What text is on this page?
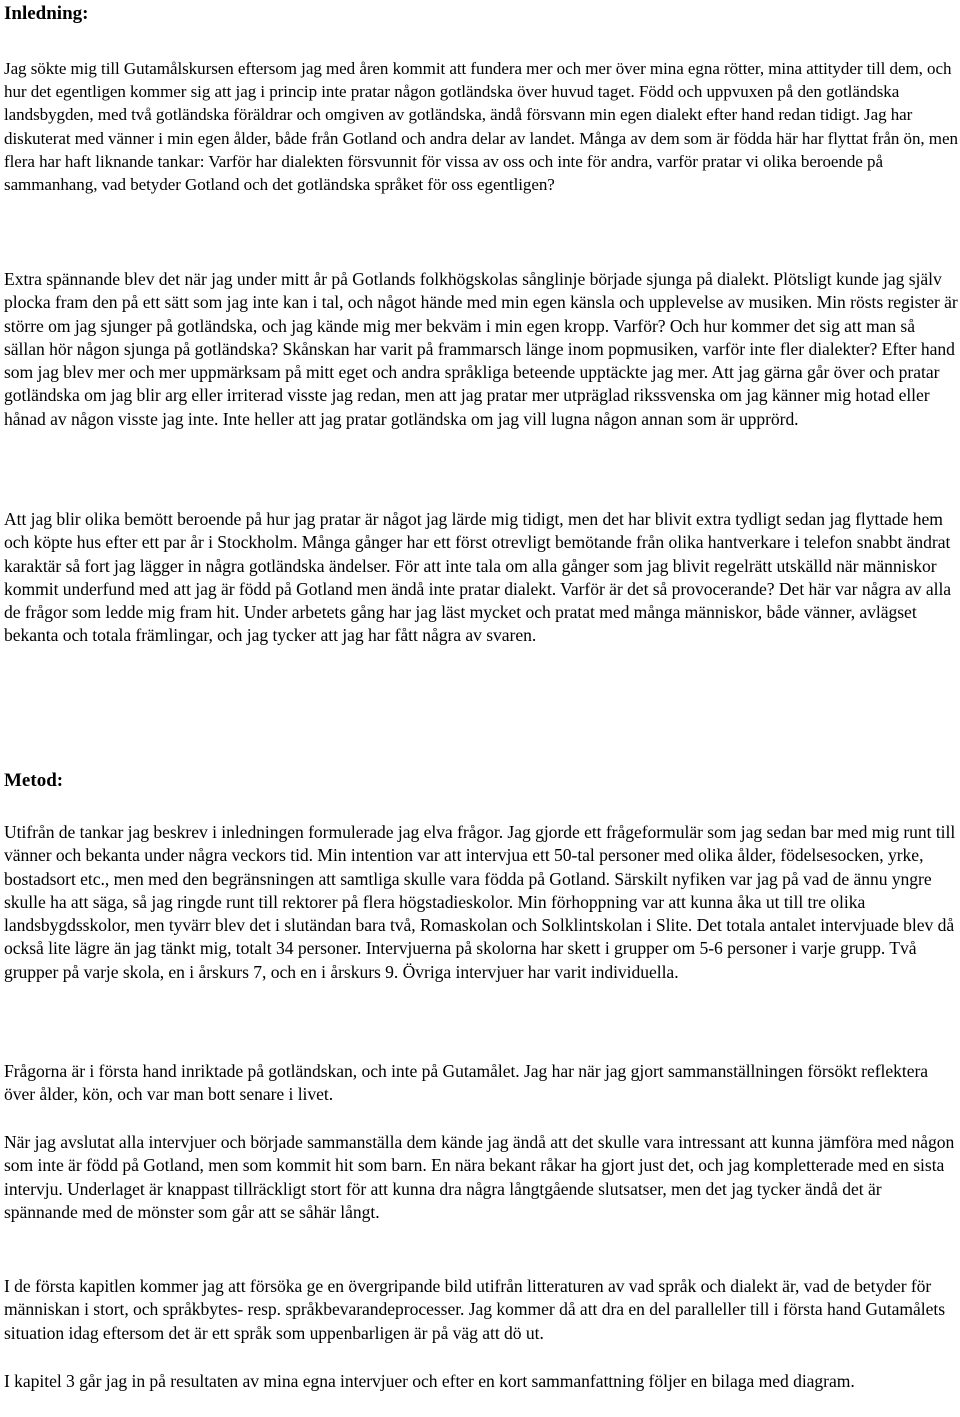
Inledning:

Jag sökte mig till Gutamålskursen eftersom jag med åren kommit att fundera mer och mer över mina egna rötter, mina attityder till dem, och hur det egentligen kommer sig att jag i princip inte pratar någon gotländska över huvud taget. Född och uppvuxen på den gotländska landsbygden, med två gotländska föräldrar och omgiven av gotländska, ändå försvann min egen dialekt efter hand redan tidigt. Jag har diskuterat med vänner i min egen ålder, både från Gotland och andra delar av landet. Många av dem som är födda här har flyttat från ön, men flera har haft liknande tankar: Varför har dialekten försvunnit för vissa av oss och inte för andra, varför pratar vi olika beroende på sammanhang, vad betyder Gotland och det gotländska språket för oss egentligen?

Extra spännande blev det när jag under mitt år på Gotlands folkhögskolas sånglinje började sjunga på dialekt. Plötsligt kunde jag själv plocka fram den på ett sätt som jag inte kan i tal, och något hände med min egen känsla och upplevelse av musiken. Min rösts register är större om jag sjunger på gotländska, och jag kände mig mer bekväm i min egen kropp. Varför? Och hur kommer det sig att man så sällan hör någon sjunga på gotländska? Skånskan har varit på frammarsch länge inom popmusiken, varför inte fler dialekter? Efter hand som jag blev mer och mer uppmärksam på mitt eget och andra språkliga beteende upptäckte jag mer. Att jag gärna går över och pratar gotländska om jag blir arg eller irriterad visste jag redan, men att jag pratar mer utpräglad rikssvenska om jag känner mig hotad eller hånad av någon visste jag inte. Inte heller att jag pratar gotländska om jag vill lugna någon annan som är upprörd.

Att jag blir olika bemött beroende på hur jag pratar är något jag lärde mig tidigt, men det har blivit extra tydligt sedan jag flyttade hem och köpte hus efter ett par år i Stockholm. Många gånger har ett först otrevligt bemötande från olika hantverkare i telefon snabbt ändrat karaktär så fort jag lägger in några gotländska ändelser. För att inte tala om alla gånger som jag blivit regelrätt utskälld när människor kommit underfund med att jag är född på Gotland men ändå inte pratar dialekt. Varför är det så provocerande? Det här var några av alla de frågor som ledde mig fram hit. Under arbetets gång har jag läst mycket och pratat med många människor, både vänner, avlägset bekanta och totala främlingar, och jag tycker att jag har fått några av svaren.

Metod:

Utifrån de tankar jag beskrev i inledningen formulerade jag elva frågor. Jag gjorde ett frågeformulär som jag sedan bar med mig runt till vänner och bekanta under några veckors tid. Min intention var att intervjua ett 50-tal personer med olika ålder, födelsesocken, yrke, bostadsort etc., men med den begränsningen att samtliga skulle vara födda på Gotland. Särskilt nyfiken var jag på vad de ännu yngre skulle ha att säga, så jag ringde runt till rektorer på flera högstadieskolor. Min förhoppning var att kunna åka ut till tre olika landsbygdsskolor, men tyvärr blev det i slutändan bara två, Romaskolan och Solklintskolan i Slite. Det totala antalet intervjuade blev då också lite lägre än jag tänkt mig, totalt 34 personer. Intervjuerna på skolorna har skett i grupper om 5-6 personer i varje grupp. Två grupper på varje skola, en i årskurs 7, och en i årskurs 9. Övriga intervjuer har varit individuella.

Frågorna är i första hand inriktade på gotländskan, och inte på Gutamålet. Jag har när jag gjort sammanställningen försökt reflektera över ålder, kön, och var man bott senare i livet.

När jag avslutat alla intervjuer och började sammanställa dem kände jag ändå att det skulle vara intressant att kunna jämföra med någon som inte är född på Gotland, men som kommit hit som barn. En nära bekant råkar ha gjort just det, och jag kompletterade med en sista intervju. Underlaget är knappast tillräckligt stort för att kunna dra några långtgående slutsatser, men det jag tycker ändå det är spännande med de mönster som går att se såhär långt.

I de första kapitlen kommer jag att försöka ge en övergripande bild utifrån litteraturen av vad språk och dialekt är, vad de betyder för människan i stort, och språkbytes- resp. språkbevarandeprocesser. Jag kommer då att dra en del paralleller till i första hand Gutamålets situation idag eftersom det är ett språk som uppenbarligen är på väg att dö ut.

I kapitel 3 går jag in på resultaten av mina egna intervjuer och efter en kort sammanfattning följer en bilaga med diagram.
